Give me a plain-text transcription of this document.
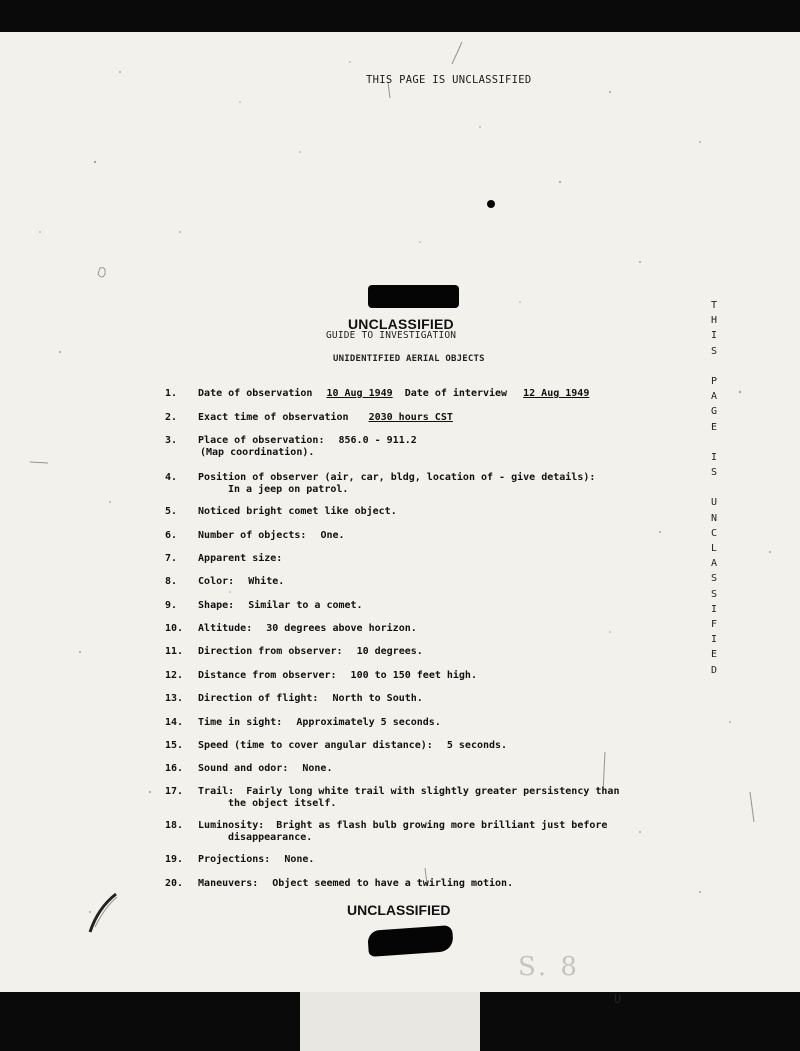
THIS PAGE IS UNCLASSIFIED
UNCLASSIFIED
GUIDE TO INVESTIGATION
UNIDENTIFIED AERIAL OBJECTS
T
H
I
S
P
A
G
E
I
S
U
N
C
L
A
S
S
I
F
I
E
D
1. Date of observation 10 Aug 1949 Date of interview 12 Aug 1949
2. Exact time of observation 2030 hours CST
3. Place of observation: 856.0 - 911.2
(Map coordination).
4. Position of observer (air, car, bldg, location of - give details):
In a jeep on patrol.
5. Noticed bright comet like object.
6. Number of objects: One.
7. Apparent size:
8. Color: White.
9. Shape: Similar to a comet.
10. Altitude: 30 degrees above horizon.
11. Direction from observer: 10 degrees.
12. Distance from observer: 100 to 150 feet high.
13. Direction of flight: North to South.
14. Time in sight: Approximately 5 seconds.
15. Speed (time to cover angular distance): 5 seconds.
16. Sound and odor: None.
17. Trail: Fairly long white trail with slightly greater persistency than
the object itself.
18. Luminosity: Bright as flash bulb growing more brilliant just before
disappearance.
19. Projections: None.
20. Maneuvers: Object seemed to have a twirling motion.
UNCLASSIFIED
S. 8
U
